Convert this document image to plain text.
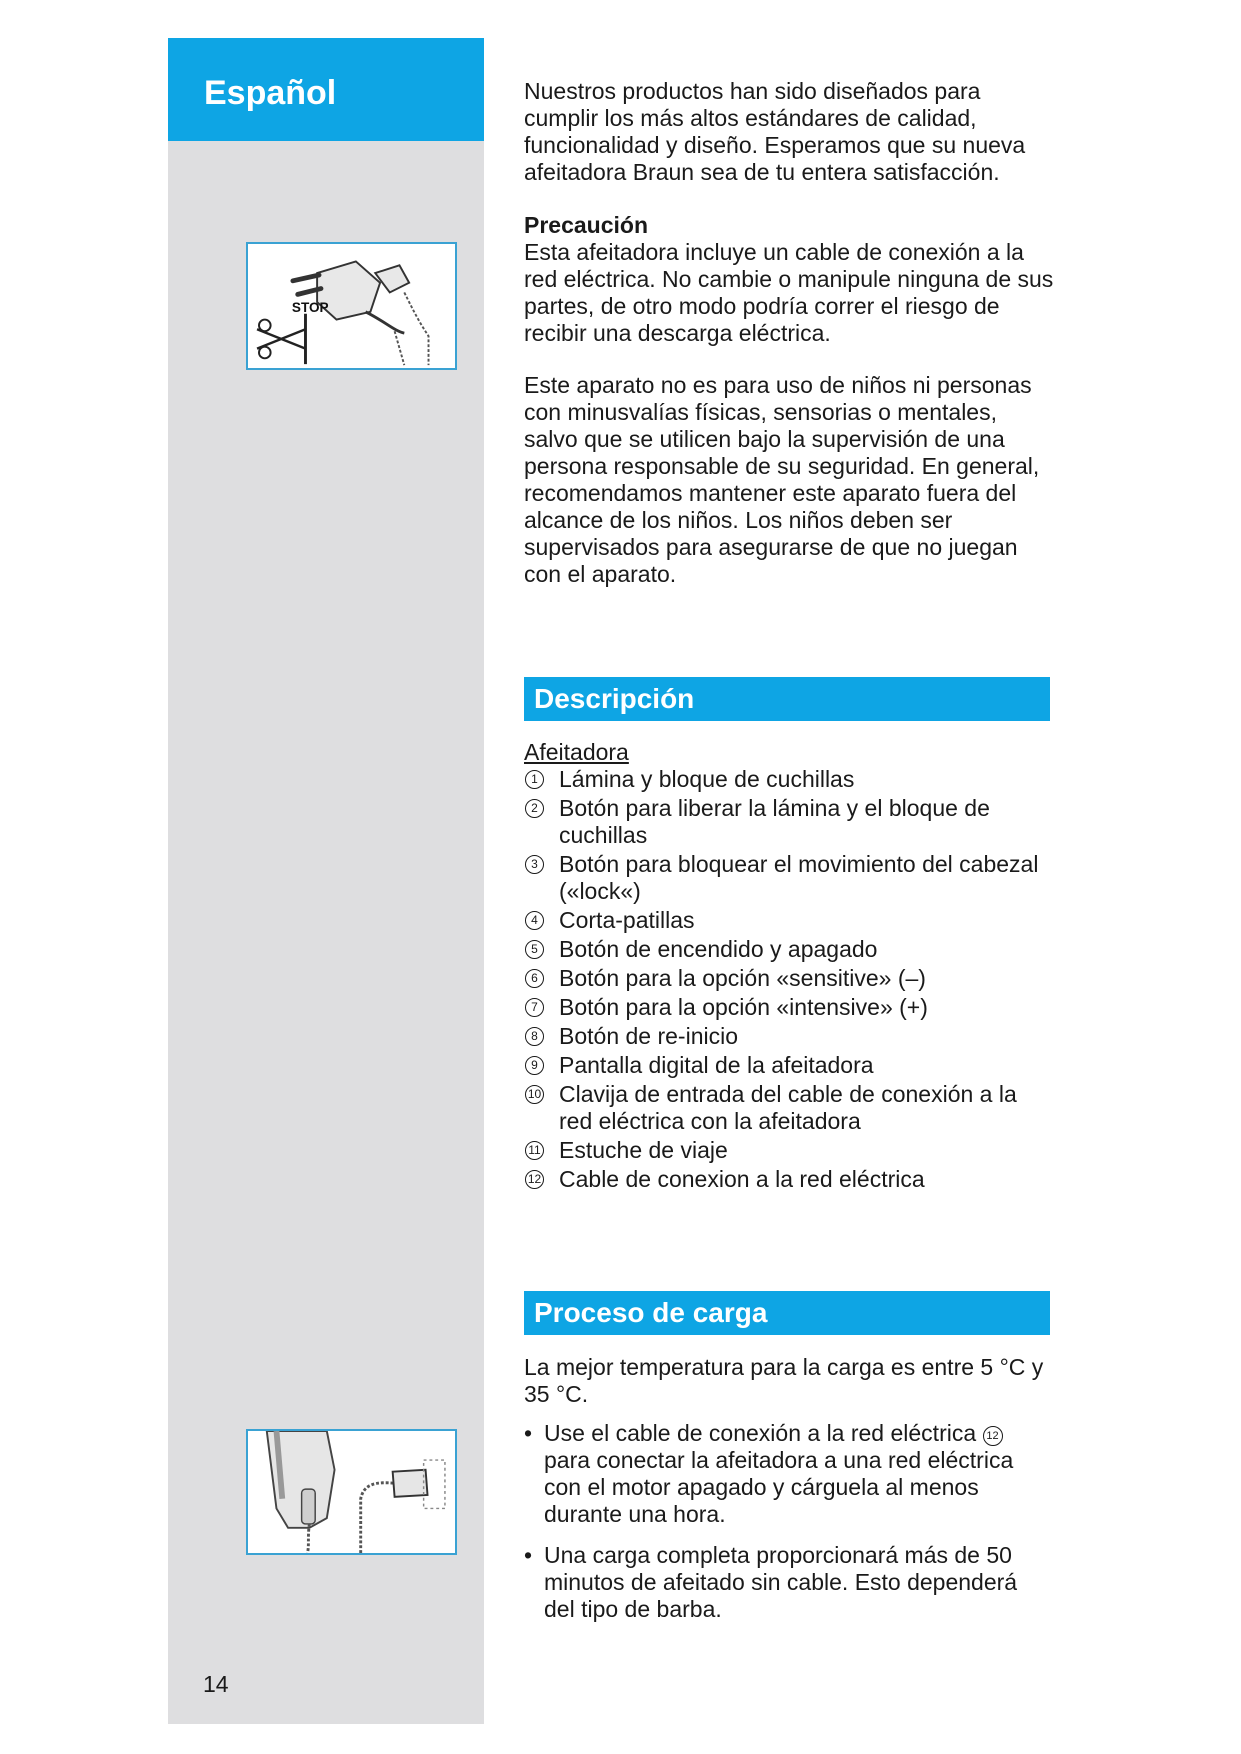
Español
STOP
14

Nuestros productos han sido diseñados para cumplir los más altos estándares de calidad, funcionalidad y diseño. Esperamos que su nueva afeitadora Braun sea de tu entera satisfacción.

Precaución

Esta afeitadora incluye un cable de conexión a la red eléctrica. No cambie o manipule ninguna de sus partes, de otro modo podría correr el riesgo de recibir una descarga eléctrica.

Este aparato no es para uso de niños ni personas con minusvalías físicas, sensorias o mentales, salvo que se utilicen bajo la supervisión de una persona responsable de su seguridad. En general, recomendamos mantener este aparato fuera del alcance de los niños. Los niños deben ser supervisados para asegurarse de que no juegan con el aparato.

Descripción

Afeitadora

1 Lámina y bloque de cuchillas
2 Botón para liberar la lámina y el bloque de cuchillas
3 Botón para bloquear el movimiento del cabezal («lock«)
4 Corta-patillas
5 Botón de encendido y apagado
6 Botón para la opción «sensitive» (–)
7 Botón para la opción «intensive» (+)
8 Botón de re-inicio
9 Pantalla digital de la afeitadora
10 Clavija de entrada del cable de conexión a la red eléctrica con la afeitadora
11 Estuche de viaje
12 Cable de conexion a la red eléctrica
Proceso de carga

La mejor temperatura para la carga es entre 5 °C y 35 °C.

• Use el cable de conexión a la red eléctrica 12 para conectar la afeitadora a una red eléctrica con el motor apagado y cárguela al menos durante una hora.
• Una carga completa proporcionará más de 50 minutos de afeitado sin cable. Esto dependerá del tipo de barba.
